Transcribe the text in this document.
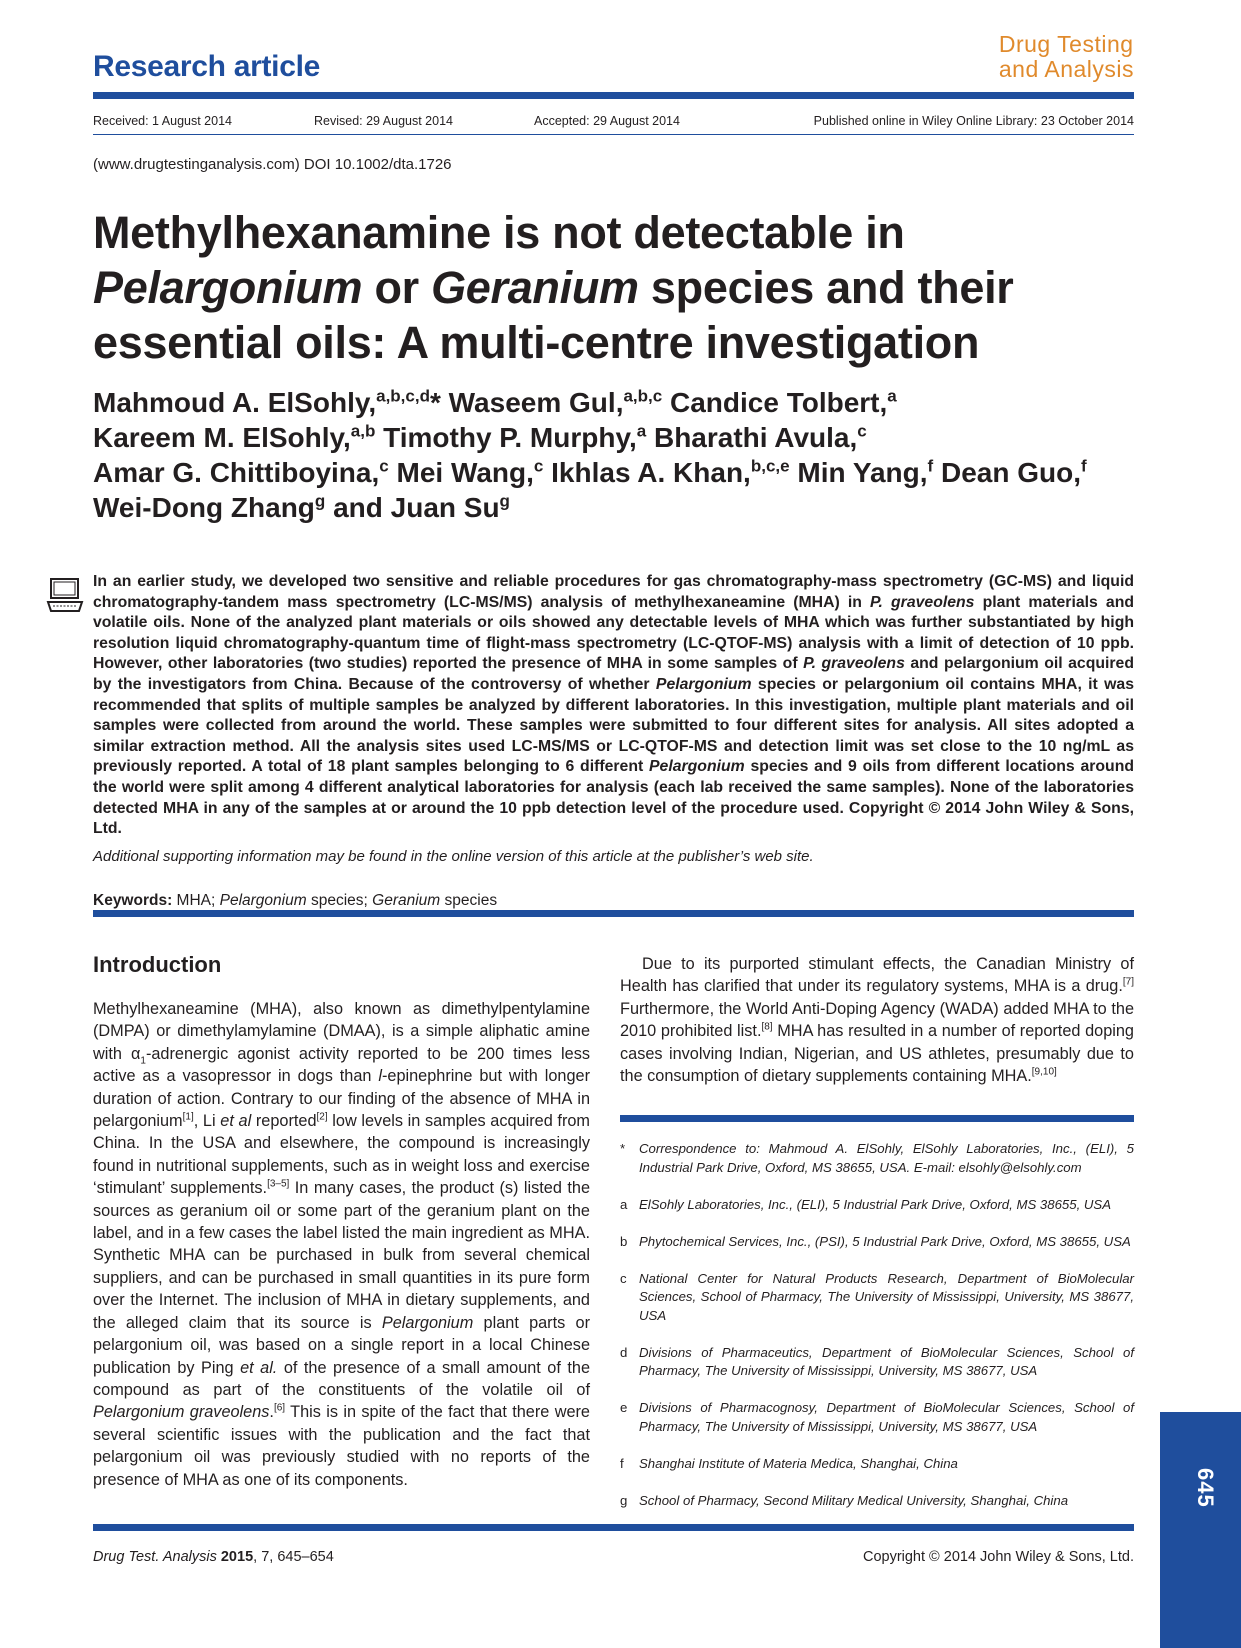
Research article
Drug Testing
and Analysis
Received: 1 August 2014	Revised: 29 August 2014	Accepted: 29 August 2014	Published online in Wiley Online Library: 23 October 2014
(www.drugtestinganalysis.com) DOI 10.1002/dta.1726
Methylhexanamine is not detectable in
Pelargonium or Geranium species and their essential oils: A multi-centre investigation
Mahmoud A. ElSohly,$^{a,b,c,d}$* Waseem Gul,$^{a,b,c}$ Candice Tolbert,$^a$
Kareem M. ElSohly,$^{a,b}$ Timothy P. Murphy,$^a$ Bharathi Avula,$^c$
Amar G. Chittiboyina,$^c$ Mei Wang,$^c$ Ikhlas A. Khan,$^{b,c,e}$ Min Yang,$^f$ Dean Guo,$^f$
Wei-Dong Zhang$^g$ and Juan Su$^g$
In an earlier study, we developed two sensitive and reliable procedures for gas chromatography-mass spectrometry (GC-MS) and liquid chromatography-tandem mass spectrometry (LC-MS/MS) analysis of methylhexaneamine (MHA) in P. graveolens plant materials and volatile oils. None of the analyzed plant materials or oils showed any detectable levels of MHA which was further substantiated by high resolution liquid chromatography-quantum time of flight-mass spectrometry (LC-QTOF-MS) analysis with a limit of detection of 10 ppb. However, other laboratories (two studies) reported the presence of MHA in some samples of P. graveolens and pelargonium oil acquired by the investigators from China. Because of the controversy of whether Pelargonium species or pelargonium oil contains MHA, it was recommended that splits of multiple samples be analyzed by different laboratories. In this investigation, multiple plant materials and oil samples were collected from around the world. These samples were submitted to four different sites for analysis. All sites adopted a similar extraction method. All the analysis sites used LC-MS/MS or LC-QTOF-MS and detection limit was set close to the 10 ng/mL as previously reported. A total of 18 plant samples belonging to 6 different Pelargonium species and 9 oils from different locations around the world were split among 4 different analytical laboratories for analysis (each lab received the same samples). None of the laboratories detected MHA in any of the samples at or around the 10 ppb detection level of the procedure used. Copyright © 2014 John Wiley & Sons, Ltd.
Additional supporting information may be found in the online version of this article at the publisher’s web site.
Keywords: MHA; Pelargonium species; Geranium species
Introduction

Methylhexaneamine (MHA), also known as dimethylpentylamine (DMPA) or dimethylamylamine (DMAA), is a simple aliphatic amine with $\alpha_1$-adrenergic agonist activity reported to be 200 times less active as a vasopressor in dogs than l-epinephrine but with longer duration of action. Contrary to our finding of the absence of MHA in pelargonium[1], Li et al reported[2] low levels in samples acquired from China. In the USA and elsewhere, the compound is increasingly found in nutritional supplements, such as in weight loss and exercise ‘stimulant’ supplements.[3–5] In many cases, the product (s) listed the sources as geranium oil or some part of the geranium plant on the label, and in a few cases the label listed the main ingredient as MHA. Synthetic MHA can be purchased in bulk from several chemical suppliers, and can be purchased in small quantities in its pure form over the Internet. The inclusion of MHA in dietary supplements, and the alleged claim that its source is Pelargonium plant parts or pelargonium oil, was based on a single report in a local Chinese publication by Ping et al. of the presence of a small amount of the compound as part of the constituents of the volatile oil of Pelargonium graveolens.[6] This is in spite of the fact that there were several scientific issues with the publication and the fact that pelargonium oil was previously studied with no reports of the presence of MHA as one of its components.

Due to its purported stimulant effects, the Canadian Ministry of Health has clarified that under its regulatory systems, MHA is a drug.[7] Furthermore, the World Anti-Doping Agency (WADA) added MHA to the 2010 prohibited list.[8] MHA has resulted in a number of reported doping cases involving Indian, Nigerian, and US athletes, presumably due to the consumption of dietary supplements containing MHA.[9,10]

* Correspondence to: Mahmoud A. ElSohly, ElSohly Laboratories, Inc., (ELI), 5 Industrial Park Drive, Oxford, MS 38655, USA. E-mail: elsohly@elsohly.com
a ElSohly Laboratories, Inc., (ELI), 5 Industrial Park Drive, Oxford, MS 38655, USA
b Phytochemical Services, Inc., (PSI), 5 Industrial Park Drive, Oxford, MS 38655, USA
c National Center for Natural Products Research, Department of BioMolecular Sciences, School of Pharmacy, The University of Mississippi, University, MS 38677, USA
d Divisions of Pharmaceutics, Department of BioMolecular Sciences, School of Pharmacy, The University of Mississippi, University, MS 38677, USA
e Divisions of Pharmacognosy, Department of BioMolecular Sciences, School of Pharmacy, The University of Mississippi, University, MS 38677, USA
f Shanghai Institute of Materia Medica, Shanghai, China
g School of Pharmacy, Second Military Medical University, Shanghai, China	645
Drug Test. Analysis 2015, 7, 645–654	Copyright © 2014 John Wiley & Sons, Ltd.
